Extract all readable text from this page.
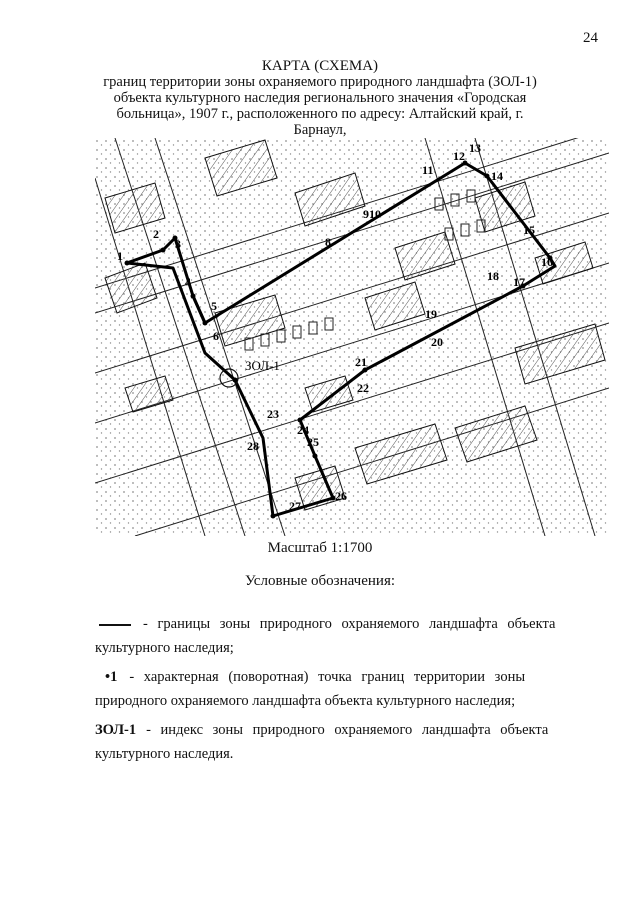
24
КАРТА (СХЕМА)
границ территории зоны охраняемого природного ландшафта (ЗОЛ-1)
объекта культурного наследия регионального значения «Городская
больница», 1907 г., расположенного по адресу: Алтайский край, г. Барнаул,
ЗОЛ-1
1
2
3
4
5
6
8
910
11
12
13
14
15
16
17
18
19
20
21
22
23
24
25
26
27
28
Масштаб 1:1700
Условные обозначения:
- границы зоны природного охраняемого ландшафта объекта
культурного наследия;
•1 - характерная (поворотная) точка границ территории зоны
природного охраняемого ландшафта объекта культурного наследия;
ЗОЛ-1 - индекс зоны природного охраняемого ландшафта объекта
культурного наследия.
